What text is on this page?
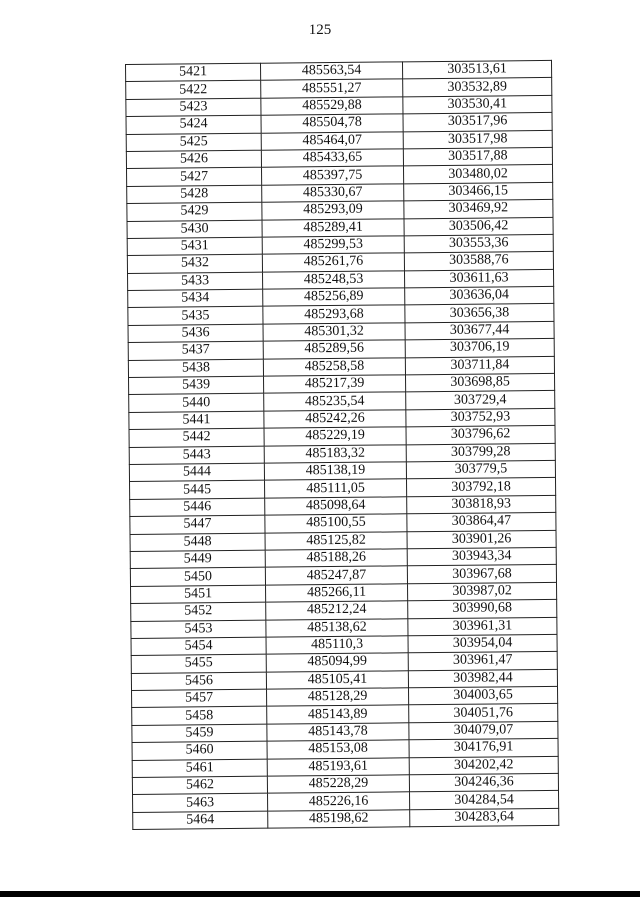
125
5421	485563,54	303513,61
5422	485551,27	303532,89
5423	485529,88	303530,41
5424	485504,78	303517,96
5425	485464,07	303517,98
5426	485433,65	303517,88
5427	485397,75	303480,02
5428	485330,67	303466,15
5429	485293,09	303469,92
5430	485289,41	303506,42
5431	485299,53	303553,36
5432	485261,76	303588,76
5433	485248,53	303611,63
5434	485256,89	303636,04
5435	485293,68	303656,38
5436	485301,32	303677,44
5437	485289,56	303706,19
5438	485258,58	303711,84
5439	485217,39	303698,85
5440	485235,54	303729,4
5441	485242,26	303752,93
5442	485229,19	303796,62
5443	485183,32	303799,28
5444	485138,19	303779,5
5445	485111,05	303792,18
5446	485098,64	303818,93
5447	485100,55	303864,47
5448	485125,82	303901,26
5449	485188,26	303943,34
5450	485247,87	303967,68
5451	485266,11	303987,02
5452	485212,24	303990,68
5453	485138,62	303961,31
5454	485110,3	303954,04
5455	485094,99	303961,47
5456	485105,41	303982,44
5457	485128,29	304003,65
5458	485143,89	304051,76
5459	485143,78	304079,07
5460	485153,08	304176,91
5461	485193,61	304202,42
5462	485228,29	304246,36
5463	485226,16	304284,54
5464	485198,62	304283,64
